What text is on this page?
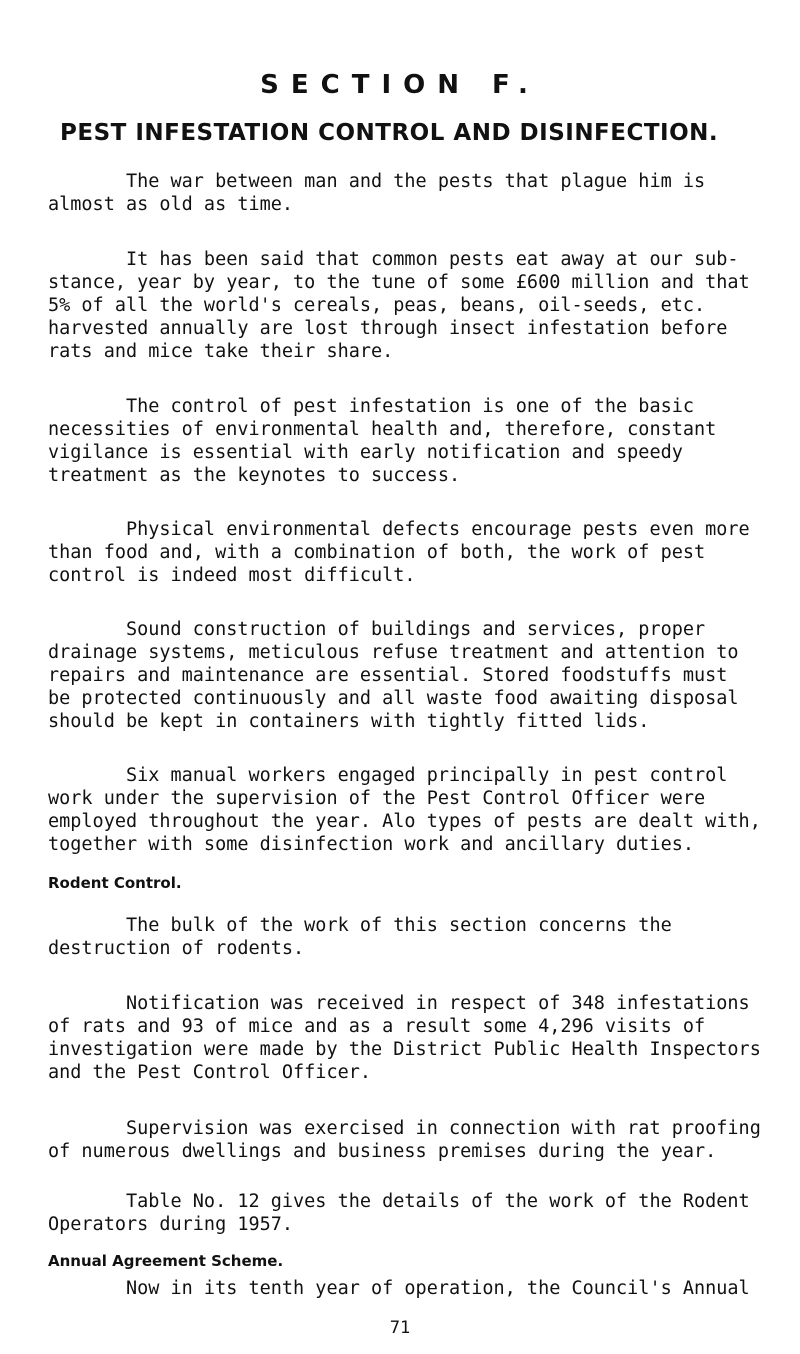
SECTION F.
PEST INFESTATION CONTROL AND DISINFECTION.
The war between man and the pests that plague him is
almost as old as time.
It has been said that common pests eat away at our sub-
stance, year by year, to the tune of some £600 million and that
5% of all the world's cereals, peas, beans, oil-seeds, etc.
harvested annually are lost through insect infestation before
rats and mice take their share.
The control of pest infestation is one of the basic
necessities of environmental health and, therefore, constant
vigilance is essential with early notification and speedy
treatment as the keynotes to success.
Physical environmental defects encourage pests even more
than food and, with a combination of both, the work of pest
control is indeed most difficult.
Sound construction of buildings and services, proper
drainage systems, meticulous refuse treatment and attention to
repairs and maintenance are essential. Stored foodstuffs must
be protected continuously and all waste food awaiting disposal
should be kept in containers with tightly fitted lids.
Six manual workers engaged principally in pest control
work under the supervision of the Pest Control Officer were
employed throughout the year. Alo types of pests are dealt with,
together with some disinfection work and ancillary duties.
Rodent Control.
The bulk of the work of this section concerns the
destruction of rodents.
Notification was received in respect of 348 infestations
of rats and 93 of mice and as a result some 4,296 visits of
investigation were made by the District Public Health Inspectors
and the Pest Control Officer.
Supervision was exercised in connection with rat proofing
of numerous dwellings and business premises during the year.
Table No. 12 gives the details of the work of the Rodent
Operators during 1957.
Annual Agreement Scheme.
Now in its tenth year of operation, the Council's Annual
71
